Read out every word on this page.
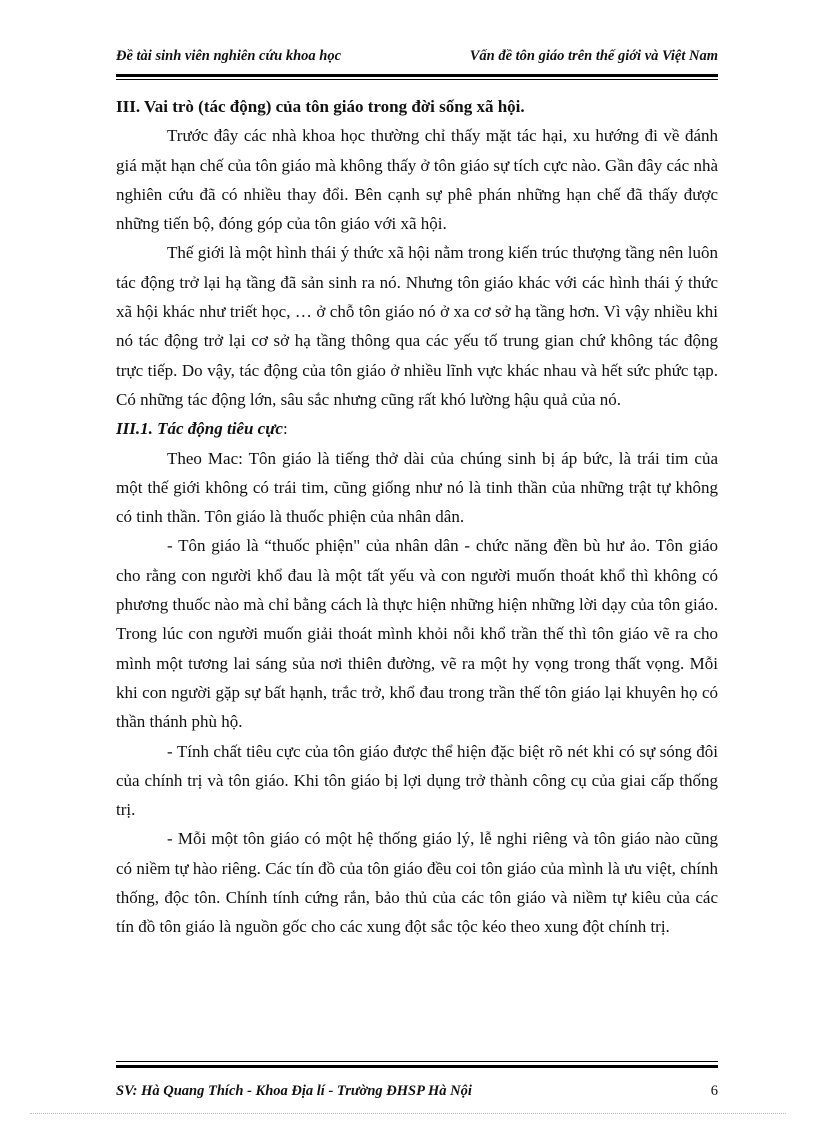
Đề tài sinh viên nghiên cứu khoa học	Vấn đề tôn giáo trên thế giới và Việt Nam

III. Vai trò (tác động) của tôn giáo trong đời sống xã hội.

Trước đây các nhà khoa học thường chỉ thấy mặt tác hại, xu hướng đi về đánh giá mặt hạn chế của tôn giáo mà không thấy ở tôn giáo sự tích cực nào. Gần đây các nhà nghiên cứu đã có nhiều thay đổi. Bên cạnh sự phê phán những hạn chế đã thấy được những tiến bộ, đóng góp của tôn giáo với xã hội.

Thế giới là một hình thái ý thức xã hội nằm trong kiến trúc thượng tầng nên luôn tác động trở lại hạ tầng đã sản sinh ra nó. Nhưng tôn giáo khác với các hình thái ý thức xã hội khác như triết học, … ở chỗ tôn giáo nó ở xa cơ sở hạ tầng hơn. Vì vậy nhiều khi nó tác động trở lại cơ sở hạ tầng thông qua các yếu tố trung gian chứ không tác động trực tiếp. Do vậy, tác động của tôn giáo ở nhiều lĩnh vực khác nhau và hết sức phức tạp. Có những tác động lớn, sâu sắc nhưng cũng rất khó lường hậu quả của nó.

III.1. Tác động tiêu cực:

Theo Mac: Tôn giáo là tiếng thở dài của chúng sinh bị áp bức, là trái tim của một thế giới không có trái tim, cũng giống như nó là tinh thần của những trật tự không có tinh thần. Tôn giáo là thuốc phiện của nhân dân.

- Tôn giáo là “thuốc phiện" của nhân dân - chức năng đền bù hư ảo. Tôn giáo cho rằng con người khổ đau là một tất yếu và con người muốn thoát khổ thì không có phương thuốc nào mà chỉ bằng cách là thực hiện những hiện những lời dạy của tôn giáo. Trong lúc con người muốn giải thoát mình khỏi nỗi khổ trần thế thì tôn giáo vẽ ra cho mình một tương lai sáng sủa nơi thiên đường, vẽ ra một hy vọng trong thất vọng. Mỗi khi con người gặp sự bất hạnh, trắc trở, khổ đau trong trần thế tôn giáo lại khuyên họ có thần thánh phù hộ.

- Tính chất tiêu cực của tôn giáo được thể hiện đặc biệt rõ nét khi có sự sóng đôi của chính trị và tôn giáo. Khi tôn giáo bị lợi dụng trở thành công cụ của giai cấp thống trị.

- Mỗi một tôn giáo có một hệ thống giáo lý, lễ nghi riêng và tôn giáo nào cũng có niềm tự hào riêng. Các tín đồ của tôn giáo đều coi tôn giáo của mình là ưu việt, chính thống, độc tôn. Chính tính cứng rắn, bảo thủ của các tôn giáo và niềm tự kiêu của các tín đồ tôn giáo là nguồn gốc cho các xung đột sắc tộc kéo theo xung đột chính trị.

SV: Hà Quang Thích - Khoa Địa lí - Trường ĐHSP Hà Nội	6
